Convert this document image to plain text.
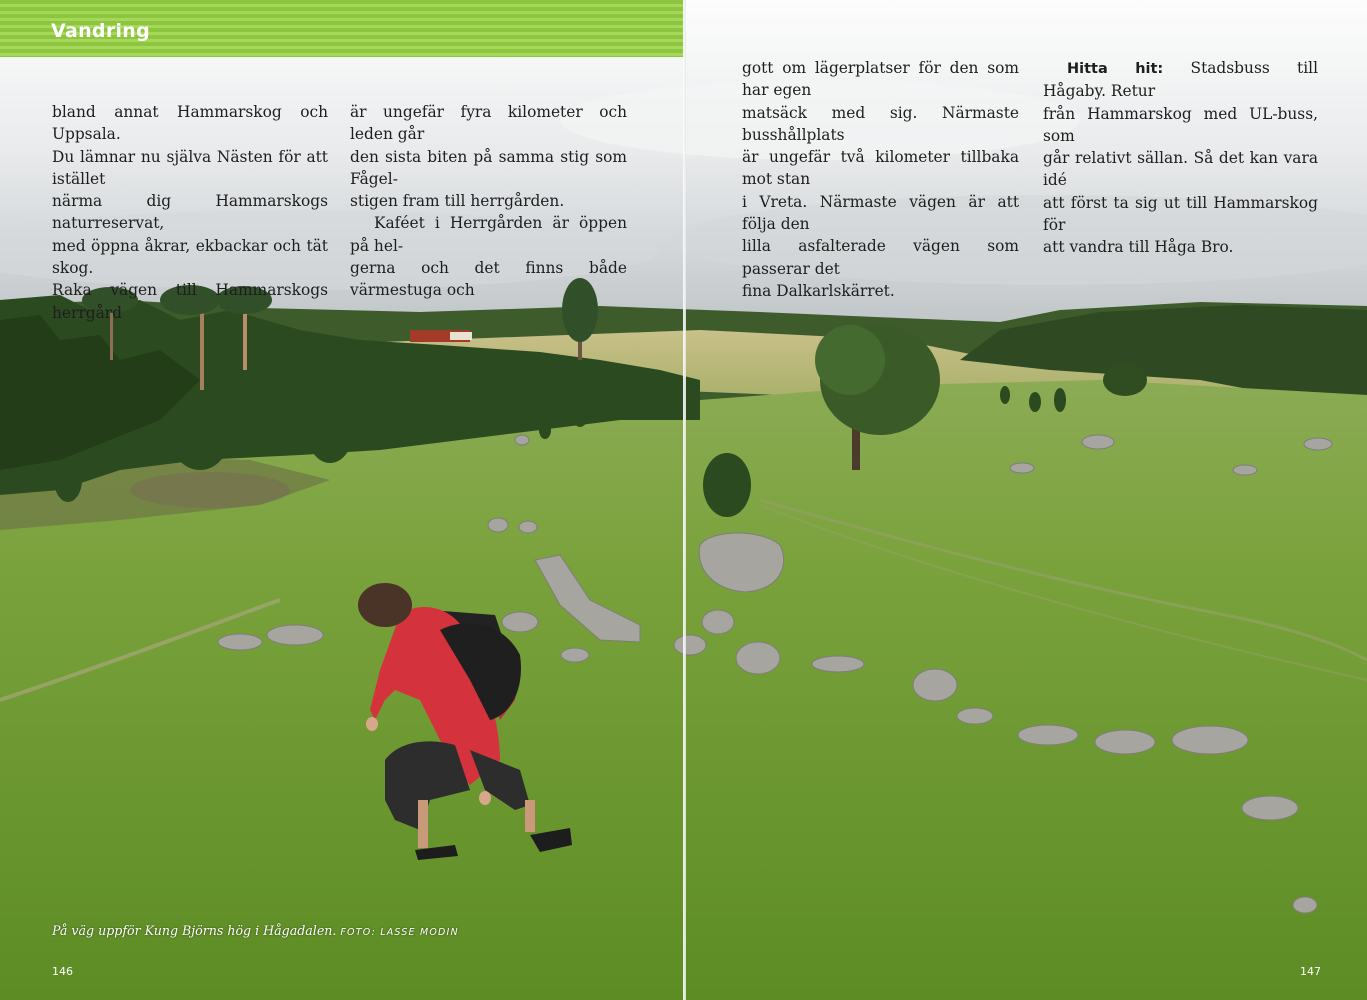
Vandring

bland annat Hammarskog och Uppsala.
Du lämnar nu själva Nästen för att istället
närma dig Hammarskogs naturreservat,
med öppna åkrar, ekbackar och tät skog.
Raka vägen till Hammarskogs herrgård

är ungefär fyra kilometer och leden går
den sista biten på samma stig som Fågel-
stigen fram till herrgården.

Kaféet i Herrgården är öppen på hel-
gerna och det finns både värmestuga och

gott om lägerplatser för den som har egen
matsäck med sig. Närmaste busshållplats
är ungefär två kilometer tillbaka mot stan
i Vreta. Närmaste vägen är att följa den
lilla asfalterade vägen som passerar det
fina Dalkarlskärret.

Hitta hit: Stadsbuss till Hågaby. Retur
från Hammarskog med UL-buss, som
går relativt sällan. Så det kan vara idé
att först ta sig ut till Hammarskog för
att vandra till Håga Bro.

På väg uppför Kung Björns hög i Hågadalen. FOTO: LASSE MODIN
146	147
